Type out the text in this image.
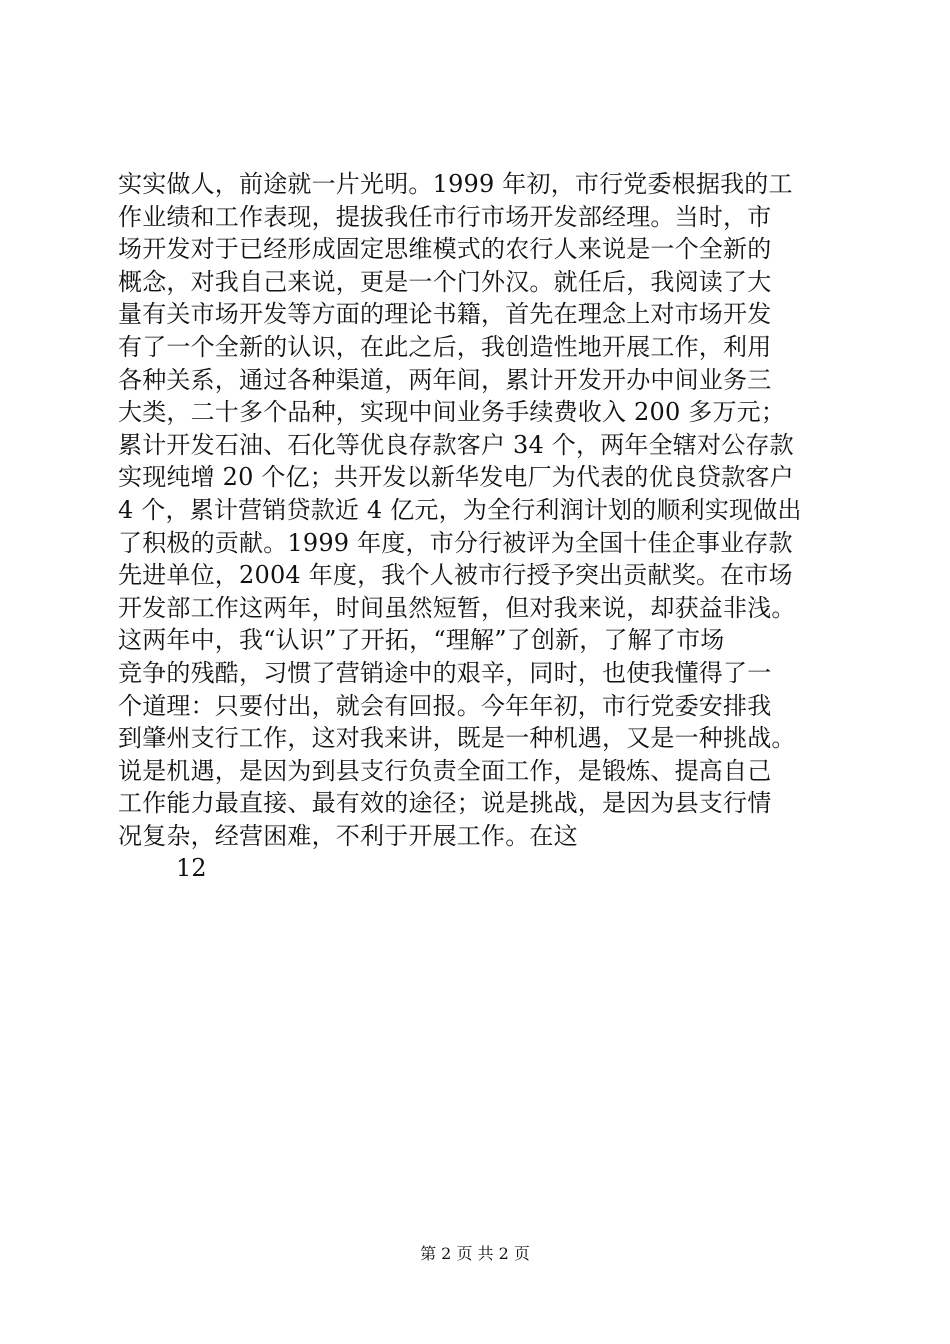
实实做人，前途就一片光明。1999 年初，市行党委根据我的工
作业绩和工作表现，提拔我任市行市场开发部经理。当时，市
场开发对于已经形成固定思维模式的农行人来说是一个全新的
概念，对我自己来说，更是一个门外汉。就任后，我阅读了大
量有关市场开发等方面的理论书籍，首先在理念上对市场开发
有了一个全新的认识，在此之后，我创造性地开展工作，利用
各种关系，通过各种渠道，两年间，累计开发开办中间业务三
大类，二十多个品种，实现中间业务手续费收入 200 多万元；
累计开发石油、石化等优良存款客户 34 个，两年全辖对公存款
实现纯增 20 个亿；共开发以新华发电厂为代表的优良贷款客户
4 个，累计营销贷款近 4 亿元，为全行利润计划的顺利实现做出
了积极的贡献。1999 年度，市分行被评为全国十佳企事业存款
先进单位，2004 年度，我个人被市行授予突出贡献奖。在市场
开发部工作这两年，时间虽然短暂，但对我来说，却获益非浅。
这两年中，我“认识”了开拓，“理解”了创新，了解了市场
竞争的残酷，习惯了营销途中的艰辛，同时，也使我懂得了一
个道理：只要付出，就会有回报。今年年初，市行党委安排我
到肇州支行工作，这对我来讲，既是一种机遇，又是一种挑战。
说是机遇，是因为到县支行负责全面工作，是锻炼、提高自己
工作能力最直接、最有效的途径；说是挑战，是因为县支行情
况复杂，经营困难，不利于开展工作。在这
12
第 2 页 共 2 页
